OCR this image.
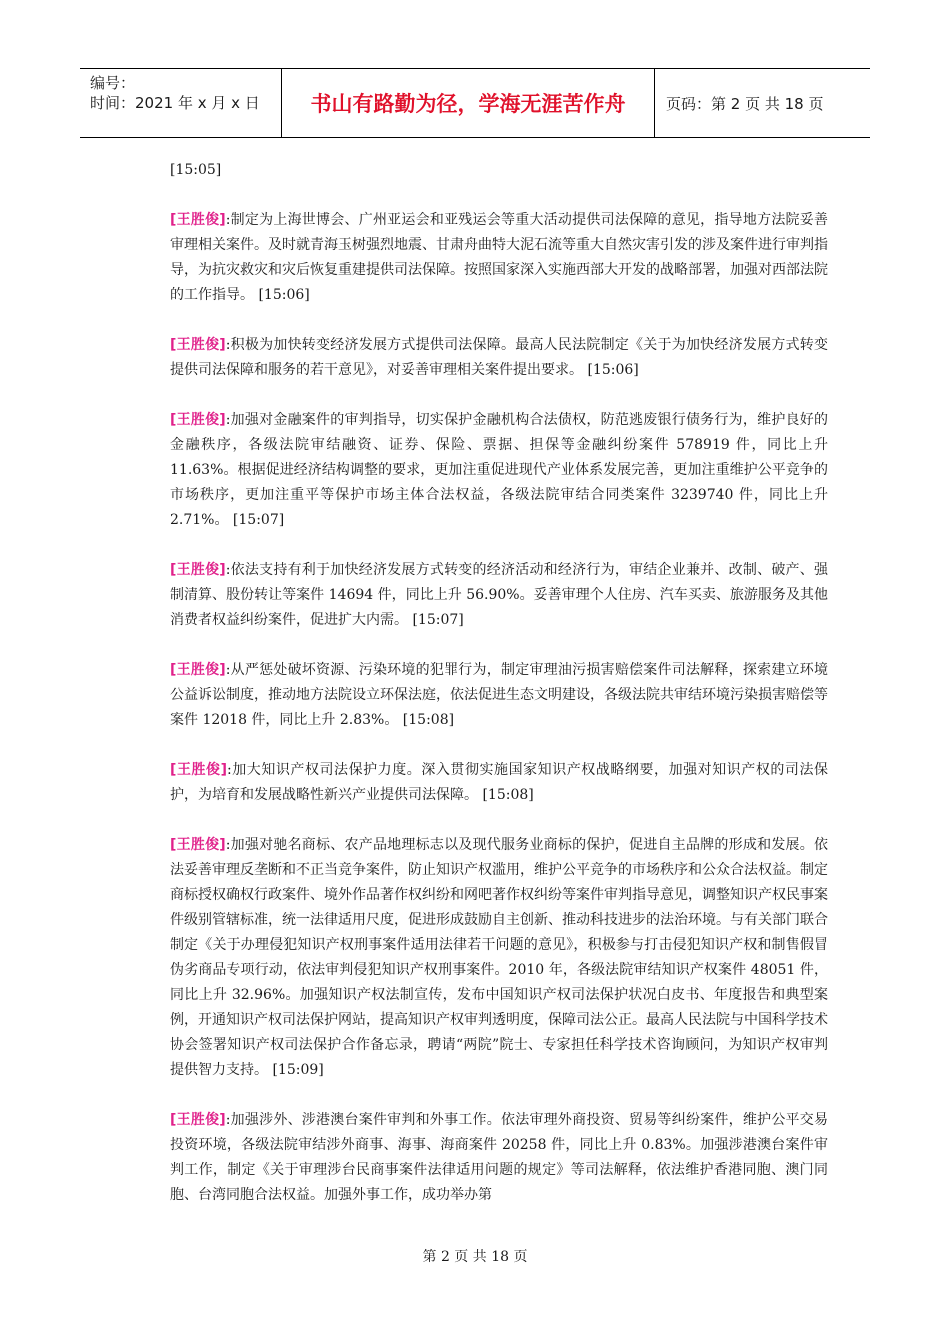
编号：
时间：2021 年 x 月 x 日	书山有路勤为径，学海无涯苦作舟	页码：第 2 页 共 18 页

[15:05]

[王胜俊]:制定为上海世博会、广州亚运会和亚残运会等重大活动提供司法保障的意见，指导地方法院妥善审理相关案件。及时就青海玉树强烈地震、甘肃舟曲特大泥石流等重大自然灾害引发的涉及案件进行审判指导，为抗灾救灾和灾后恢复重建提供司法保障。按照国家深入实施西部大开发的战略部署，加强对西部法院的工作指导。 [15:06]

[王胜俊]:积极为加快转变经济发展方式提供司法保障。最高人民法院制定《关于为加快经济发展方式转变提供司法保障和服务的若干意见》，对妥善审理相关案件提出要求。 [15:06]

[王胜俊]:加强对金融案件的审判指导，切实保护金融机构合法债权，防范逃废银行债务行为，维护良好的金融秩序，各级法院审结融资、证券、保险、票据、担保等金融纠纷案件 578919 件，同比上升 11.63%。根据促进经济结构调整的要求，更加注重促进现代产业体系发展完善，更加注重维护公平竞争的市场秩序，更加注重平等保护市场主体合法权益，各级法院审结合同类案件 3239740 件，同比上升 2.71%。 [15:07]

[王胜俊]:依法支持有利于加快经济发展方式转变的经济活动和经济行为，审结企业兼并、改制、破产、强制清算、股份转让等案件 14694 件，同比上升 56.90%。妥善审理个人住房、汽车买卖、旅游服务及其他消费者权益纠纷案件，促进扩大内需。 [15:07]

[王胜俊]:从严惩处破坏资源、污染环境的犯罪行为，制定审理油污损害赔偿案件司法解释，探索建立环境公益诉讼制度，推动地方法院设立环保法庭，依法促进生态文明建设，各级法院共审结环境污染损害赔偿等案件 12018 件，同比上升 2.83%。 [15:08]

[王胜俊]:加大知识产权司法保护力度。深入贯彻实施国家知识产权战略纲要，加强对知识产权的司法保护，为培育和发展战略性新兴产业提供司法保障。 [15:08]

[王胜俊]:加强对驰名商标、农产品地理标志以及现代服务业商标的保护，促进自主品牌的形成和发展。依法妥善审理反垄断和不正当竞争案件，防止知识产权滥用，维护公平竞争的市场秩序和公众合法权益。制定商标授权确权行政案件、境外作品著作权纠纷和网吧著作权纠纷等案件审判指导意见，调整知识产权民事案件级别管辖标准，统一法律适用尺度，促进形成鼓励自主创新、推动科技进步的法治环境。与有关部门联合制定《关于办理侵犯知识产权刑事案件适用法律若干问题的意见》，积极参与打击侵犯知识产权和制售假冒伪劣商品专项行动，依法审判侵犯知识产权刑事案件。2010 年，各级法院审结知识产权案件 48051 件，同比上升 32.96%。加强知识产权法制宣传，发布中国知识产权司法保护状况白皮书、年度报告和典型案例，开通知识产权司法保护网站，提高知识产权审判透明度，保障司法公正。最高人民法院与中国科学技术协会签署知识产权司法保护合作备忘录，聘请“两院”院士、专家担任科学技术咨询顾问，为知识产权审判提供智力支持。 [15:09]

[王胜俊]:加强涉外、涉港澳台案件审判和外事工作。依法审理外商投资、贸易等纠纷案件，维护公平交易投资环境，各级法院审结涉外商事、海事、海商案件 20258 件，同比上升 0.83%。加强涉港澳台案件审判工作，制定《关于审理涉台民商事案件法律适用问题的规定》等司法解释，依法维护香港同胞、澳门同胞、台湾同胞合法权益。加强外事工作，成功举办第

第 2 页 共 18 页
